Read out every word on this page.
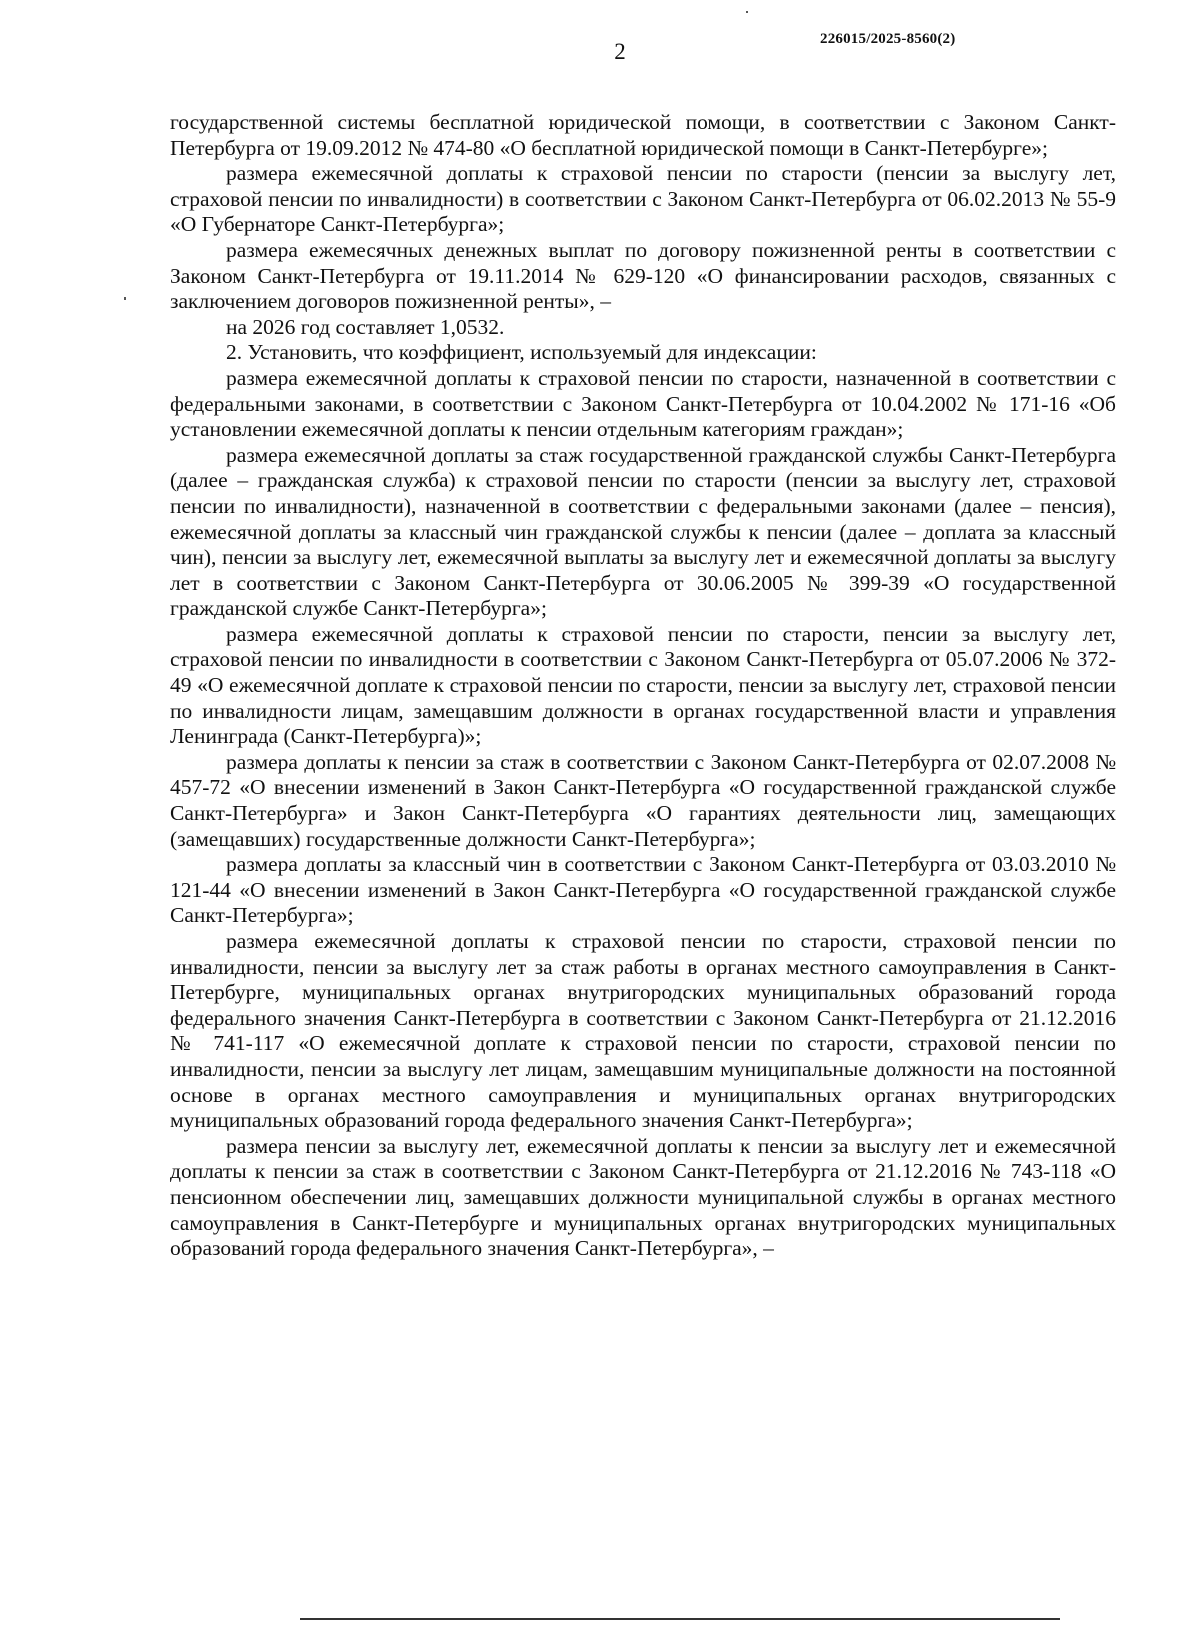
2	226015/2025-8560(2)

государственной системы бесплатной юридической помощи, в соответствии с Законом Санкт-Петербурга от 19.09.2012 № 474-80 «О бесплатной юридической помощи в Санкт-Петербурге»;

размера ежемесячной доплаты к страховой пенсии по старости (пенсии за выслугу лет, страховой пенсии по инвалидности) в соответствии с Законом Санкт-Петербурга от 06.02.2013 № 55-9 «О Губернаторе Санкт-Петербурга»;

размера ежемесячных денежных выплат по договору пожизненной ренты в соответствии с Законом Санкт-Петербурга от 19.11.2014 № 629-120 «О финансировании расходов, связанных с заключением договоров пожизненной ренты», –

на 2026 год составляет 1,0532.

2. Установить, что коэффициент, используемый для индексации:

размера ежемесячной доплаты к страховой пенсии по старости, назначенной в соответствии с федеральными законами, в соответствии с Законом Санкт-Петербурга от 10.04.2002 № 171-16 «Об установлении ежемесячной доплаты к пенсии отдельным категориям граждан»;

размера ежемесячной доплаты за стаж государственной гражданской службы Санкт-Петербурга (далее – гражданская служба) к страховой пенсии по старости (пенсии за выслугу лет, страховой пенсии по инвалидности), назначенной в соответствии с федеральными законами (далее – пенсия), ежемесячной доплаты за классный чин гражданской службы к пенсии (далее – доплата за классный чин), пенсии за выслугу лет, ежемесячной выплаты за выслугу лет и ежемесячной доплаты за выслугу лет в соответствии с Законом Санкт-Петербурга от 30.06.2005 № 399-39 «О государственной гражданской службе Санкт-Петербурга»;

размера ежемесячной доплаты к страховой пенсии по старости, пенсии за выслугу лет, страховой пенсии по инвалидности в соответствии с Законом Санкт-Петербурга от 05.07.2006 № 372-49 «О ежемесячной доплате к страховой пенсии по старости, пенсии за выслугу лет, страховой пенсии по инвалидности лицам, замещавшим должности в органах государственной власти и управления Ленинграда (Санкт-Петербурга)»;

размера доплаты к пенсии за стаж в соответствии с Законом Санкт-Петербурга от 02.07.2008 № 457-72 «О внесении изменений в Закон Санкт-Петербурга «О государственной гражданской службе Санкт-Петербурга» и Закон Санкт-Петербурга «О гарантиях деятельности лиц, замещающих (замещавших) государственные должности Санкт-Петербурга»;

размера доплаты за классный чин в соответствии с Законом Санкт-Петербурга от 03.03.2010 № 121-44 «О внесении изменений в Закон Санкт-Петербурга «О государственной гражданской службе Санкт-Петербурга»;

размера ежемесячной доплаты к страховой пенсии по старости, страховой пенсии по инвалидности, пенсии за выслугу лет за стаж работы в органах местного самоуправления в Санкт-Петербурге, муниципальных органах внутригородских муниципальных образований города федерального значения Санкт-Петербурга в соответствии с Законом Санкт-Петербурга от 21.12.2016 № 741-117 «О ежемесячной доплате к страховой пенсии по старости, страховой пенсии по инвалидности, пенсии за выслугу лет лицам, замещавшим муниципальные должности на постоянной основе в органах местного самоуправления и муниципальных органах внутригородских муниципальных образований города федерального значения Санкт-Петербурга»;

размера пенсии за выслугу лет, ежемесячной доплаты к пенсии за выслугу лет и ежемесячной доплаты к пенсии за стаж в соответствии с Законом Санкт-Петербурга от 21.12.2016 № 743-118 «О пенсионном обеспечении лиц, замещавших должности муниципальной службы в органах местного самоуправления в Санкт-Петербурге и муниципальных органах внутригородских муниципальных образований города федерального значения Санкт-Петербурга», –
